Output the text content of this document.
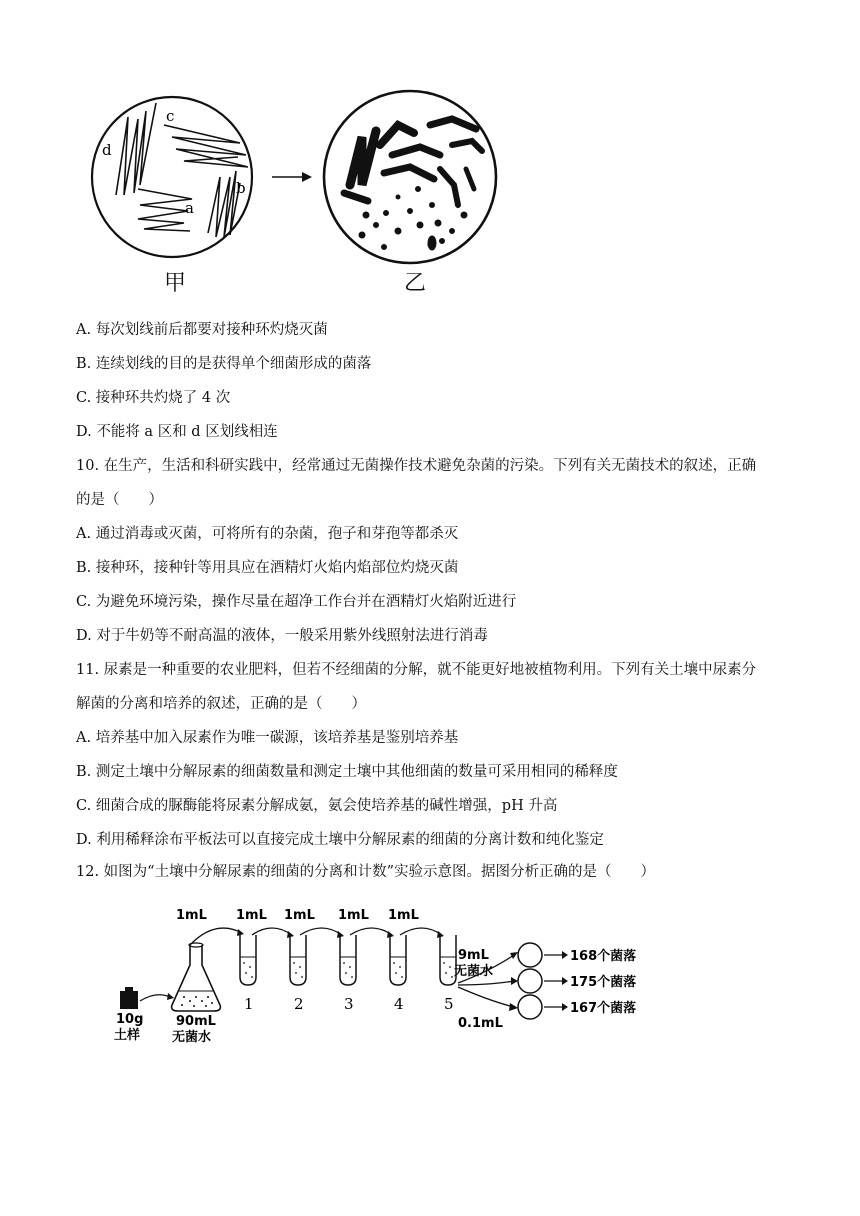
a
b
c
d
甲	乙
A. 每次划线前后都要对接种环灼烧灭菌
B. 连续划线的目的是获得单个细菌形成的菌落
C. 接种环共灼烧了 4 次
D. 不能将 a 区和 d 区划线相连
10. 在生产，生活和科研实践中，经常通过无菌操作技术避免杂菌的污染。下列有关无菌技术的叙述，正确
的是（　　）
A. 通过消毒或灭菌，可将所有的杂菌，孢子和芽孢等都杀灭
B. 接种环，接种针等用具应在酒精灯火焰内焰部位灼烧灭菌
C. 为避免环境污染，操作尽量在超净工作台并在酒精灯火焰附近进行
D. 对于牛奶等不耐高温的液体，一般采用紫外线照射法进行消毒
11. 尿素是一种重要的农业肥料，但若不经细菌的分解，就不能更好地被植物利用。下列有关土壤中尿素分
解菌的分离和培养的叙述，正确的是（　　）
A. 培养基中加入尿素作为唯一碳源，该培养基是鉴别培养基
B. 测定土壤中分解尿素的细菌数量和测定土壤中其他细菌的数量可采用相同的稀释度
C. 细菌合成的脲酶能将尿素分解成氨，氨会使培养基的碱性增强，pH 升高
D. 利用稀释涂布平板法可以直接完成土壤中分解尿素的细菌的分离计数和纯化鉴定
12. 如图为“土壤中分解尿素的细菌的分离和计数”实验示意图。据图分析正确的是（　　）
1mL 1mL 1mL 1mL 1mL
10g
土样
90mL
无菌水
1	2	3	4	5
9mL
无菌水
0.1mL
168个菌落
175个菌落
167个菌落
